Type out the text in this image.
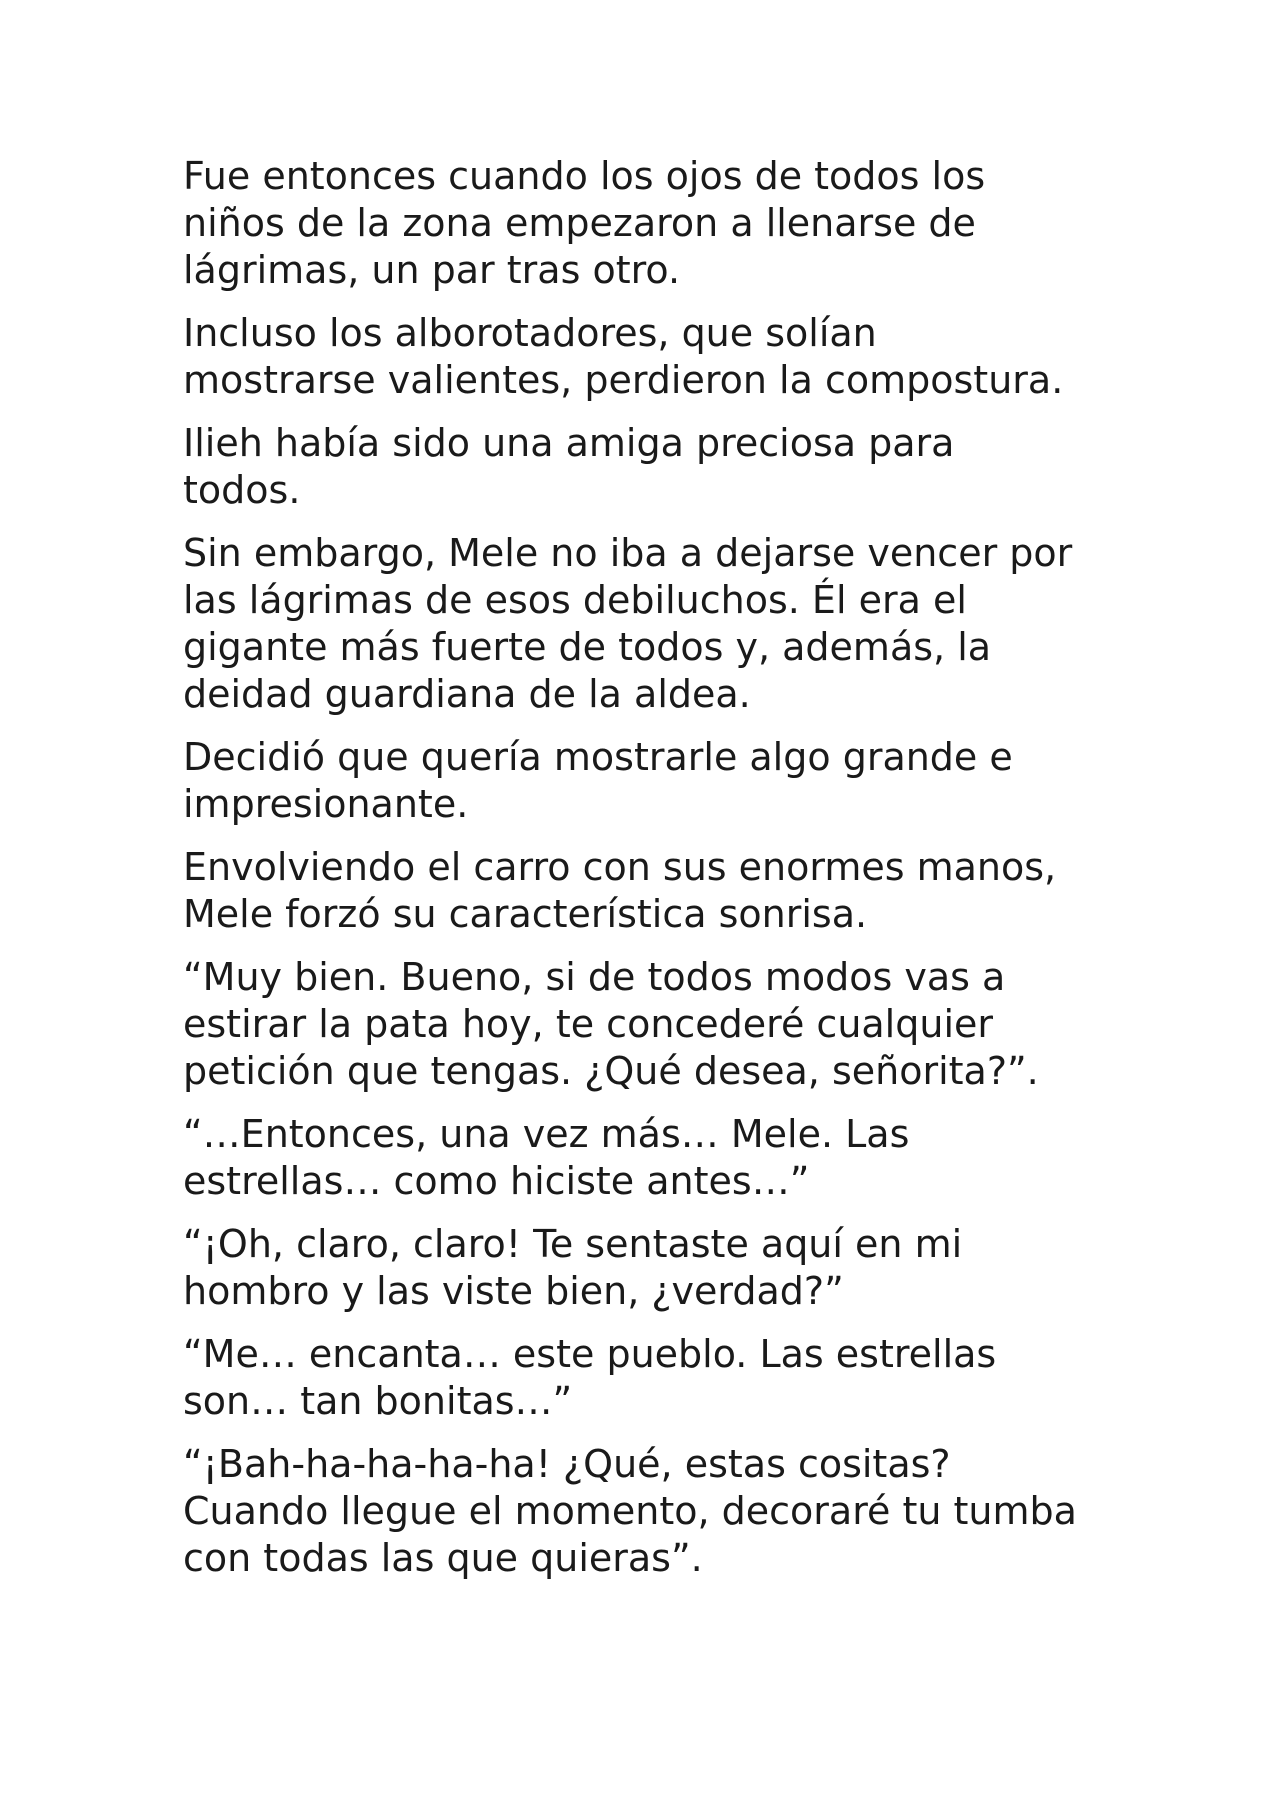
Fue entonces cuando los ojos de todos los
niños de la zona empezaron a llenarse de
lágrimas, un par tras otro.

Incluso los alborotadores, que solían
mostrarse valientes, perdieron la compostura.

Ilieh había sido una amiga preciosa para
todos.

Sin embargo, Mele no iba a dejarse vencer por
las lágrimas de esos debiluchos. Él era el
gigante más fuerte de todos y, además, la
deidad guardiana de la aldea.

Decidió que quería mostrarle algo grande e
impresionante.

Envolviendo el carro con sus enormes manos,
Mele forzó su característica sonrisa.

“Muy bien. Bueno, si de todos modos vas a
estirar la pata hoy, te concederé cualquier
petición que tengas. ¿Qué desea, señorita?”.

“…Entonces, una vez más… Mele. Las
estrellas… como hiciste antes…”

“¡Oh, claro, claro! Te sentaste aquí en mi
hombro y las viste bien, ¿verdad?”

“Me… encanta… este pueblo. Las estrellas
son… tan bonitas…”

“¡Bah-ha-ha-ha-ha! ¿Qué, estas cositas?
Cuando llegue el momento, decoraré tu tumba
con todas las que quieras”.
